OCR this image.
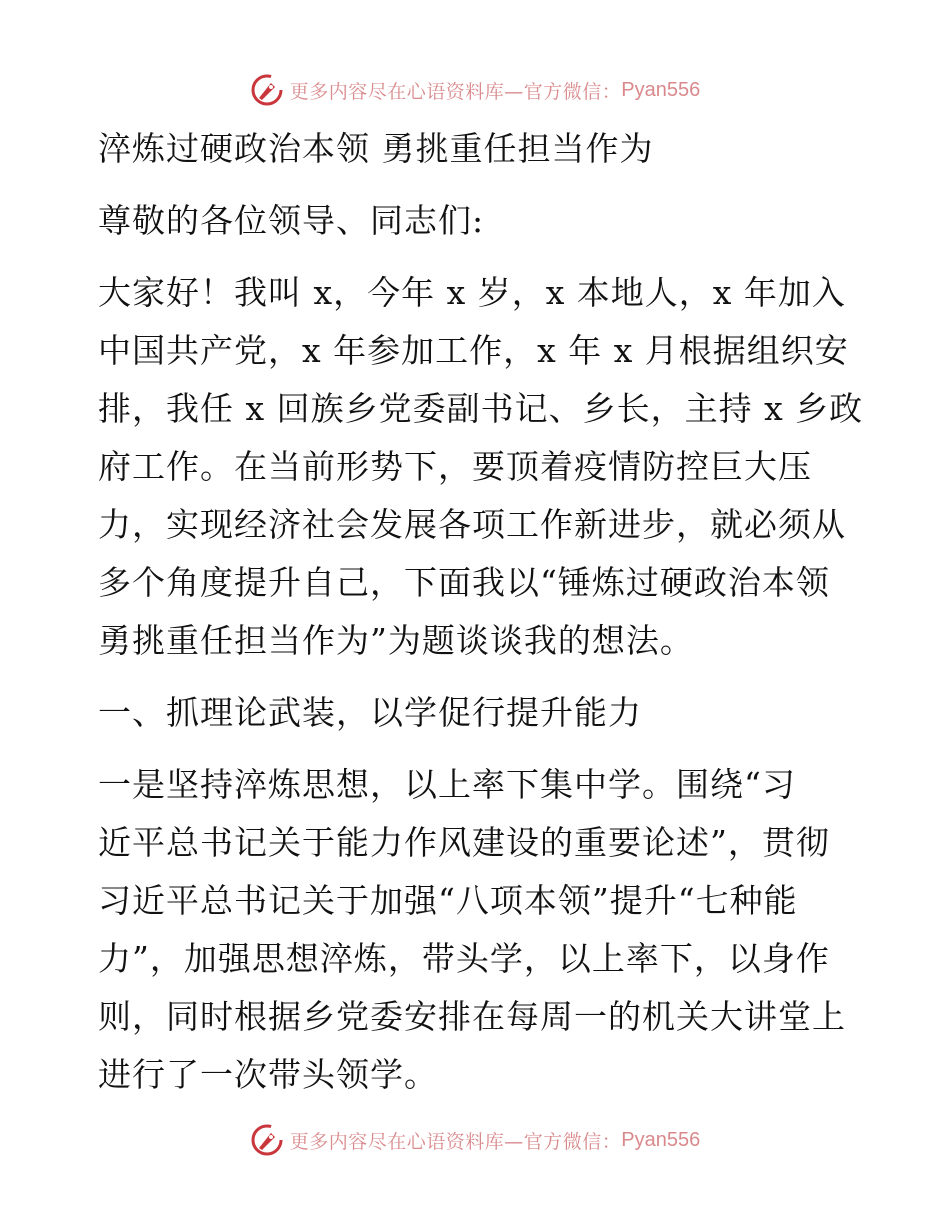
更多内容尽在心语资料库—官方微信： Pyan556
淬炼过硬政治本领 勇挑重任担当作为
尊敬的各位领导、同志们:
大家好！我叫 x，今年 x 岁，x 本地人，x 年加入
中国共产党，x 年参加工作，x 年 x 月根据组织安
排，我任 x 回族乡党委副书记、乡长，主持 x 乡政
府工作。在当前形势下，要顶着疫情防控巨大压
力，实现经济社会发展各项工作新进步，就必须从
多个角度提升自己，下面我以“锤炼过硬政治本领
勇挑重任担当作为”为题谈谈我的想法。
一、抓理论武装，以学促行提升能力
一是坚持淬炼思想，以上率下集中学。围绕“习
近平总书记关于能力作风建设的重要论述”，贯彻
习近平总书记关于加强“八项本领”提升“七种能
力”，加强思想淬炼，带头学，以上率下，以身作
则，同时根据乡党委安排在每周一的机关大讲堂上
进行了一次带头领学。
更多内容尽在心语资料库—官方微信： Pyan556
